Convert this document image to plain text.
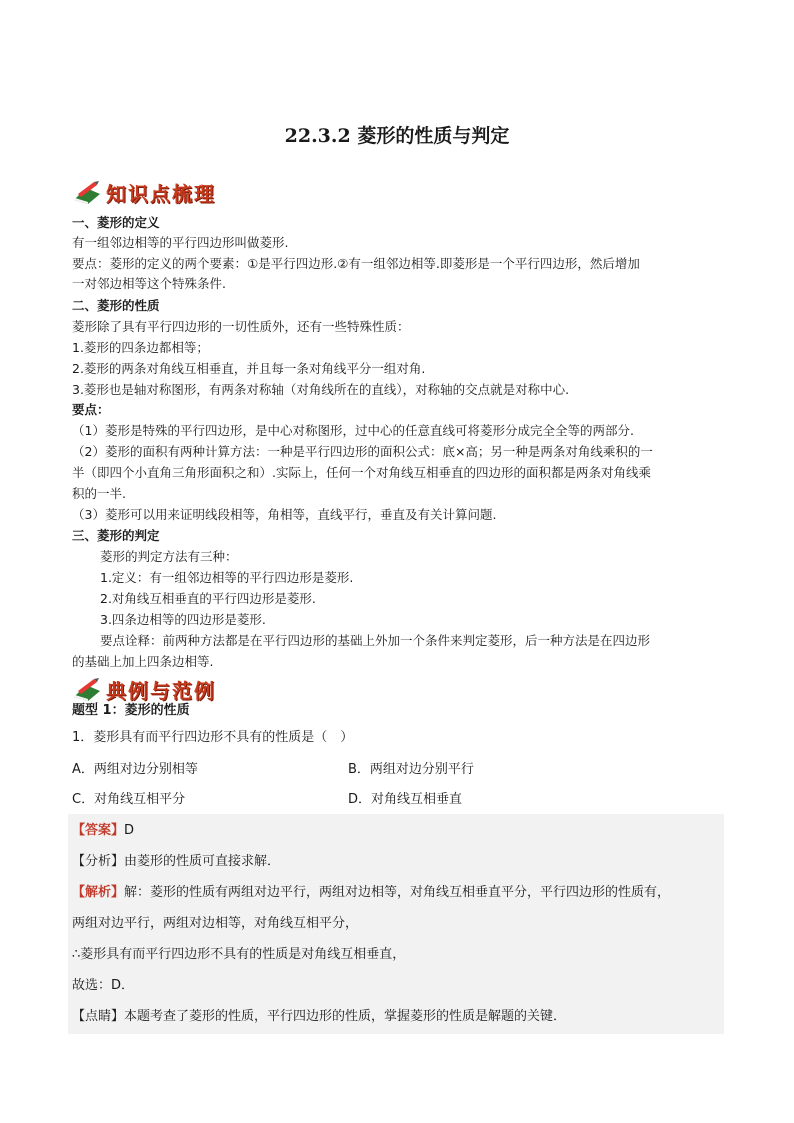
22.3.2 菱形的性质与判定
知识点梳理
一、菱形的定义
有一组邻边相等的平行四边形叫做菱形.
要点：菱形的定义的两个要素：①是平行四边形.②有一组邻边相等.即菱形是一个平行四边形，然后增加
一对邻边相等这个特殊条件.
二、菱形的性质
菱形除了具有平行四边形的一切性质外，还有一些特殊性质：
1.菱形的四条边都相等；
2.菱形的两条对角线互相垂直，并且每一条对角线平分一组对角.
3.菱形也是轴对称图形，有两条对称轴（对角线所在的直线），对称轴的交点就是对称中心.
要点：
（1）菱形是特殊的平行四边形，是中心对称图形，过中心的任意直线可将菱形分成完全全等的两部分.
（2）菱形的面积有两种计算方法：一种是平行四边形的面积公式：底×高；另一种是两条对角线乘积的一
半（即四个小直角三角形面积之和）.实际上，任何一个对角线互相垂直的四边形的面积都是两条对角线乘
积的一半.
（3）菱形可以用来证明线段相等，角相等，直线平行，垂直及有关计算问题.
三、菱形的判定
菱形的判定方法有三种：
1.定义：有一组邻边相等的平行四边形是菱形.
2.对角线互相垂直的平行四边形是菱形.
3.四条边相等的四边形是菱形.
要点诠释：前两种方法都是在平行四边形的基础上外加一个条件来判定菱形，后一种方法是在四边形
的基础上加上四条边相等.
典例与范例
题型 1：菱形的性质
1．菱形具有而平行四边形不具有的性质是（　）
A．两组对边分别相等	B．两组对边分别平行
C．对角线互相平分	D．对角线互相垂直
【答案】D
【分析】由菱形的性质可直接求解．
【解析】解：菱形的性质有两组对边平行，两组对边相等，对角线互相垂直平分，平行四边形的性质有，
两组对边平行，两组对边相等，对角线互相平分，
∴菱形具有而平行四边形不具有的性质是对角线互相垂直，
故选：D．
【点睛】本题考查了菱形的性质，平行四边形的性质，掌握菱形的性质是解题的关键．
